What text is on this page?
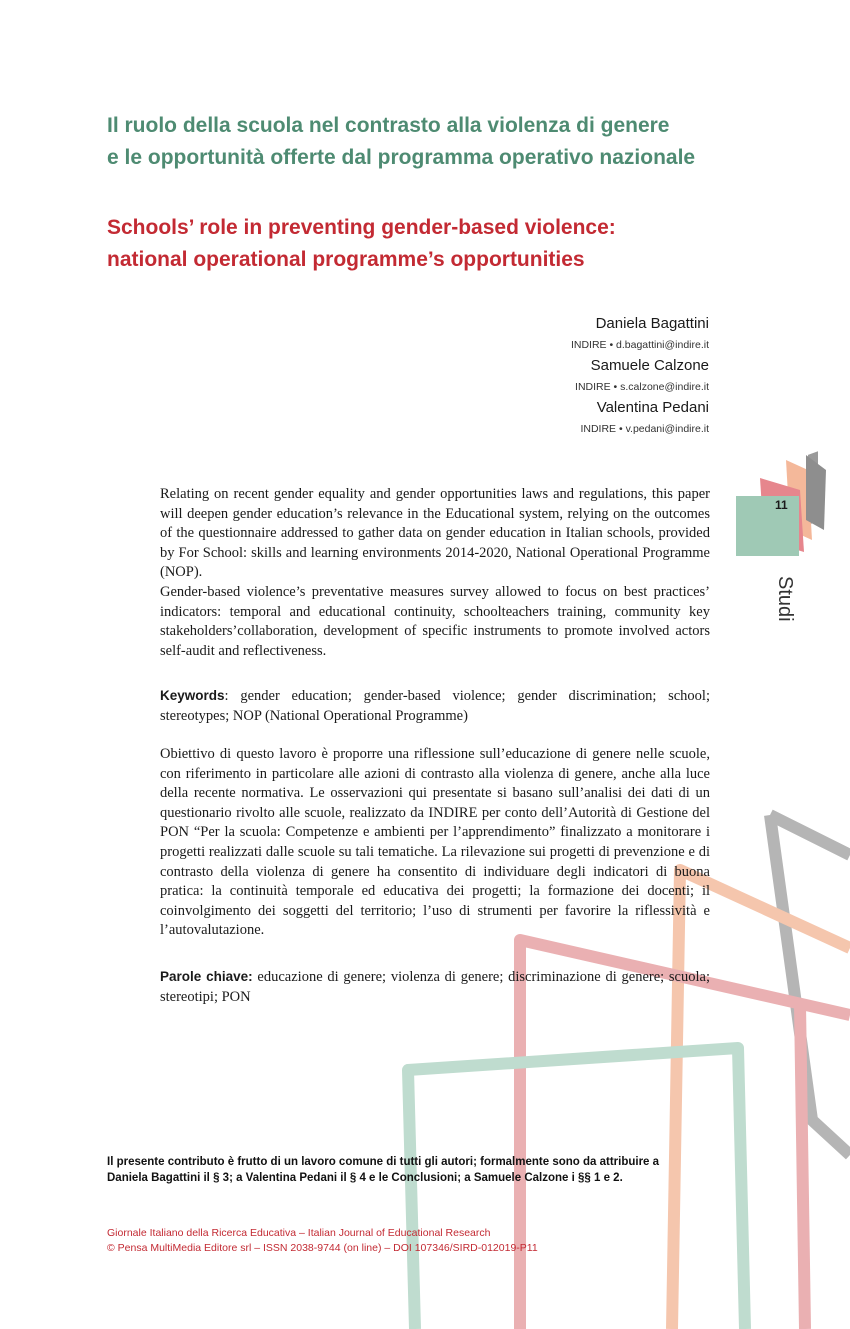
Il ruolo della scuola nel contrasto alla violenza di genere
e le opportunità offerte dal programma operativo nazionale
Schools’ role in preventing gender-based violence:
national operational programme’s opportunities
Daniela Bagattini
INDIRE • d.bagattini@indire.it
Samuele Calzone
INDIRE • s.calzone@indire.it
Valentina Pedani
INDIRE • v.pedani@indire.it

Relating on recent gender equality and gender opportunities laws and regulations, this paper will deepen gender education’s relevance in the Educational system, relying on the outcomes of the questionnaire addressed to gather data on gender education in Italian schools, provided by For School: skills and learning environments 2014-2020, National Operational Programme (NOP).

Gender-based violence’s preventative measures survey allowed to focus on best practices’ indicators: temporal and educational continuity, schoolteachers training, community key stakeholders’collaboration, development of specific instruments to promote involved actors self-audit and reflectiveness.

Keywords: gender education; gender-based violence; gender discrimination; school; stereotypes; NOP (National Operational Programme)

Obiettivo di questo lavoro è proporre una riflessione sull’educazione di genere nelle scuole, con riferimento in particolare alle azioni di contrasto alla violenza di genere, anche alla luce della recente normativa. Le osservazioni qui presentate si basano sull’analisi dei dati di un questionario rivolto alle scuole, realizzato da INDIRE per conto dell’Autorità di Gestione del PON “Per la scuola: Competenze e ambienti per l’apprendimento” finalizzato a monitorare i progetti realizzati dalle scuole su tali tematiche. La rilevazione sui progetti di prevenzione e di contrasto della violenza di genere ha consentito di individuare degli indicatori di buona pratica: la continuità temporale ed educativa dei progetti; la formazione dei docenti; il coinvolgimento dei soggetti del territorio; l’uso di strumenti per favorire la riflessività e l’autovalutazione.

Parole chiave: educazione di genere; violenza di genere; discriminazione di genere; scuola; stereotipi; PON

Il presente contributo è frutto di un lavoro comune di tutti gli autori; formalmente sono da attribuire a
Daniela Bagattini il § 3; a Valentina Pedani il § 4 e le Conclusioni; a Samuele Calzone i §§ 1 e 2.
Giornale Italiano della Ricerca Educativa – Italian Journal of Educational Research
© Pensa MultiMedia Editore srl – ISSN 2038-9744 (on line) – DOI 107346/SIRD-012019-P11
11
Studi
